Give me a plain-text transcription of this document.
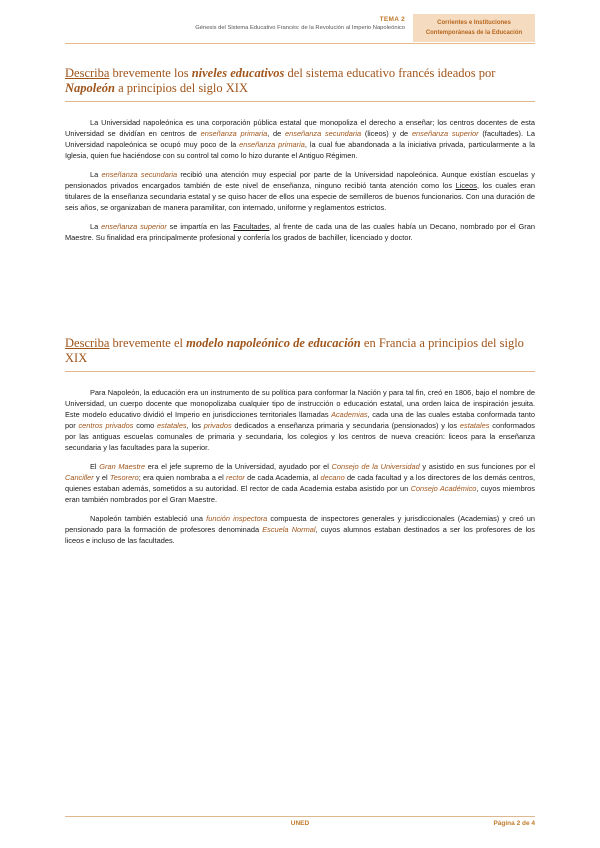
TEMA 2
Génesis del Sistema Educativo Francés: de la Revolución al Imperio Napoleónico
Corrientes e Instituciones
Contemporáneas de la Educación
Describa brevemente los niveles educativos del sistema educativo francés ideados por Napoleón a principios del siglo XIX

La Universidad napoleónica es una corporación pública estatal que monopoliza el derecho a enseñar; los centros docentes de esta Universidad se dividían en centros de enseñanza primaria, de enseñanza secundaria (liceos) y de enseñanza superior (facultades). La Universidad napoleónica se ocupó muy poco de la enseñanza primaria, la cual fue abandonada a la iniciativa privada, particularmente a la Iglesia, quien fue haciéndose con su control tal como lo hizo durante el Antiguo Régimen.

La enseñanza secundaria recibió una atención muy especial por parte de la Universidad napoleónica. Aunque existían escuelas y pensionados privados encargados también de este nivel de enseñanza, ninguno recibió tanta atención como los Liceos, los cuales eran titulares de la enseñanza secundaria estatal y se quiso hacer de ellos una especie de semilleros de buenos funcionarios. Con una duración de seis años, se organizaban de manera paramilitar, con internado, uniforme y reglamentos estrictos.

La enseñanza superior se impartía en las Facultades, al frente de cada una de las cuales había un Decano, nombrado por el Gran Maestre. Su finalidad era principalmente profesional y confería los grados de bachiller, licenciado y doctor.

Describa brevemente el modelo napoleónico de educación en Francia a principios del siglo XIX

Para Napoleón, la educación era un instrumento de su política para conformar la Nación y para tal fin, creó en 1806, bajo el nombre de Universidad, un cuerpo docente que monopolizaba cualquier tipo de instrucción o educación estatal, una orden laica de inspiración jesuita. Este modelo educativo dividió el Imperio en jurisdicciones territoriales llamadas Academias, cada una de las cuales estaba conformada tanto por centros privados como estatales, los privados dedicados a enseñanza primaria y secundaria (pensionados) y los estatales conformados por las antiguas escuelas comunales de primaria y secundaria, los colegios y los centros de nueva creación: liceos para la enseñanza secundaria y las facultades para la superior.

El Gran Maestre era el jefe supremo de la Universidad, ayudado por el Consejo de la Universidad y asistido en sus funciones por el Canciller y el Tesorero; era quien nombraba a el rector de cada Academia, al decano de cada facultad y a los directores de los demás centros, quienes estaban además, sometidos a su autoridad. El rector de cada Academia estaba asistido por un Consejo Académico, cuyos miembros eran también nombrados por el Gran Maestre.

Napoleón también estableció una función inspectora compuesta de inspectores generales y jurisdiccionales (Academias) y creó un pensionado para la formación de profesores denominada Escuela Normal, cuyos alumnos estaban destinados a ser los profesores de los liceos e incluso de las facultades.

UNED	Página 2 de 4
